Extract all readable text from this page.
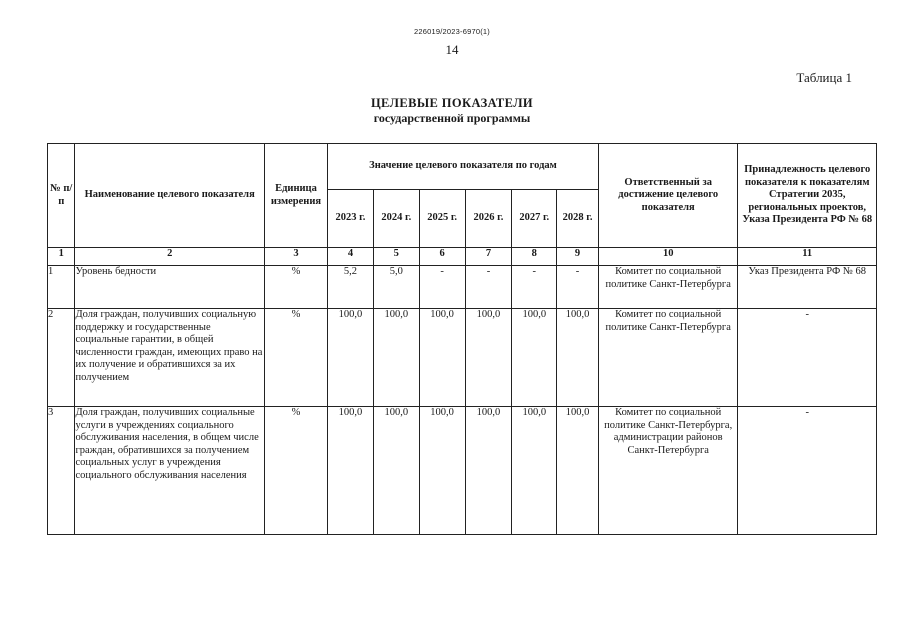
226019/2023-6970(1)
14
Таблица 1
ЦЕЛЕВЫЕ ПОКАЗАТЕЛИ
государственной программы
№ п/п	Наименование целевого показателя	Единица измерения	Значение целевого показателя по годам						Ответственный за достижение целевого показателя	Принадлежность целевого показателя к показателям Стратегии 2035, региональных проектов, Указа Президента РФ № 68
			2023 г.	2024 г.	2025 г.	2026 г.	2027 г.	2028 г.		
1	2	3	4	5	6	7	8	9	10	11
1	Уровень бедности	%	5,2	5,0	-	-	-	-	Комитет по социальной политике Санкт-Петербурга	Указ Президента РФ № 68
2	Доля граждан, получивших социальную поддержку и государственные социальные гарантии, в общей численности граждан, имеющих право на их получение и обратившихся за их получением	%	100,0	100,0	100,0	100,0	100,0	100,0	Комитет по социальной политике Санкт-Петербурга	-
3	Доля граждан, получивших социальные услуги в учреждениях социального обслуживания населения, в общем числе граждан, обратившихся за получением социальных услуг в учреждения социального обслуживания населения	%	100,0	100,0	100,0	100,0	100,0	100,0	Комитет по социальной политике Санкт-Петербурга, администрации районов Санкт-Петербурга	-
